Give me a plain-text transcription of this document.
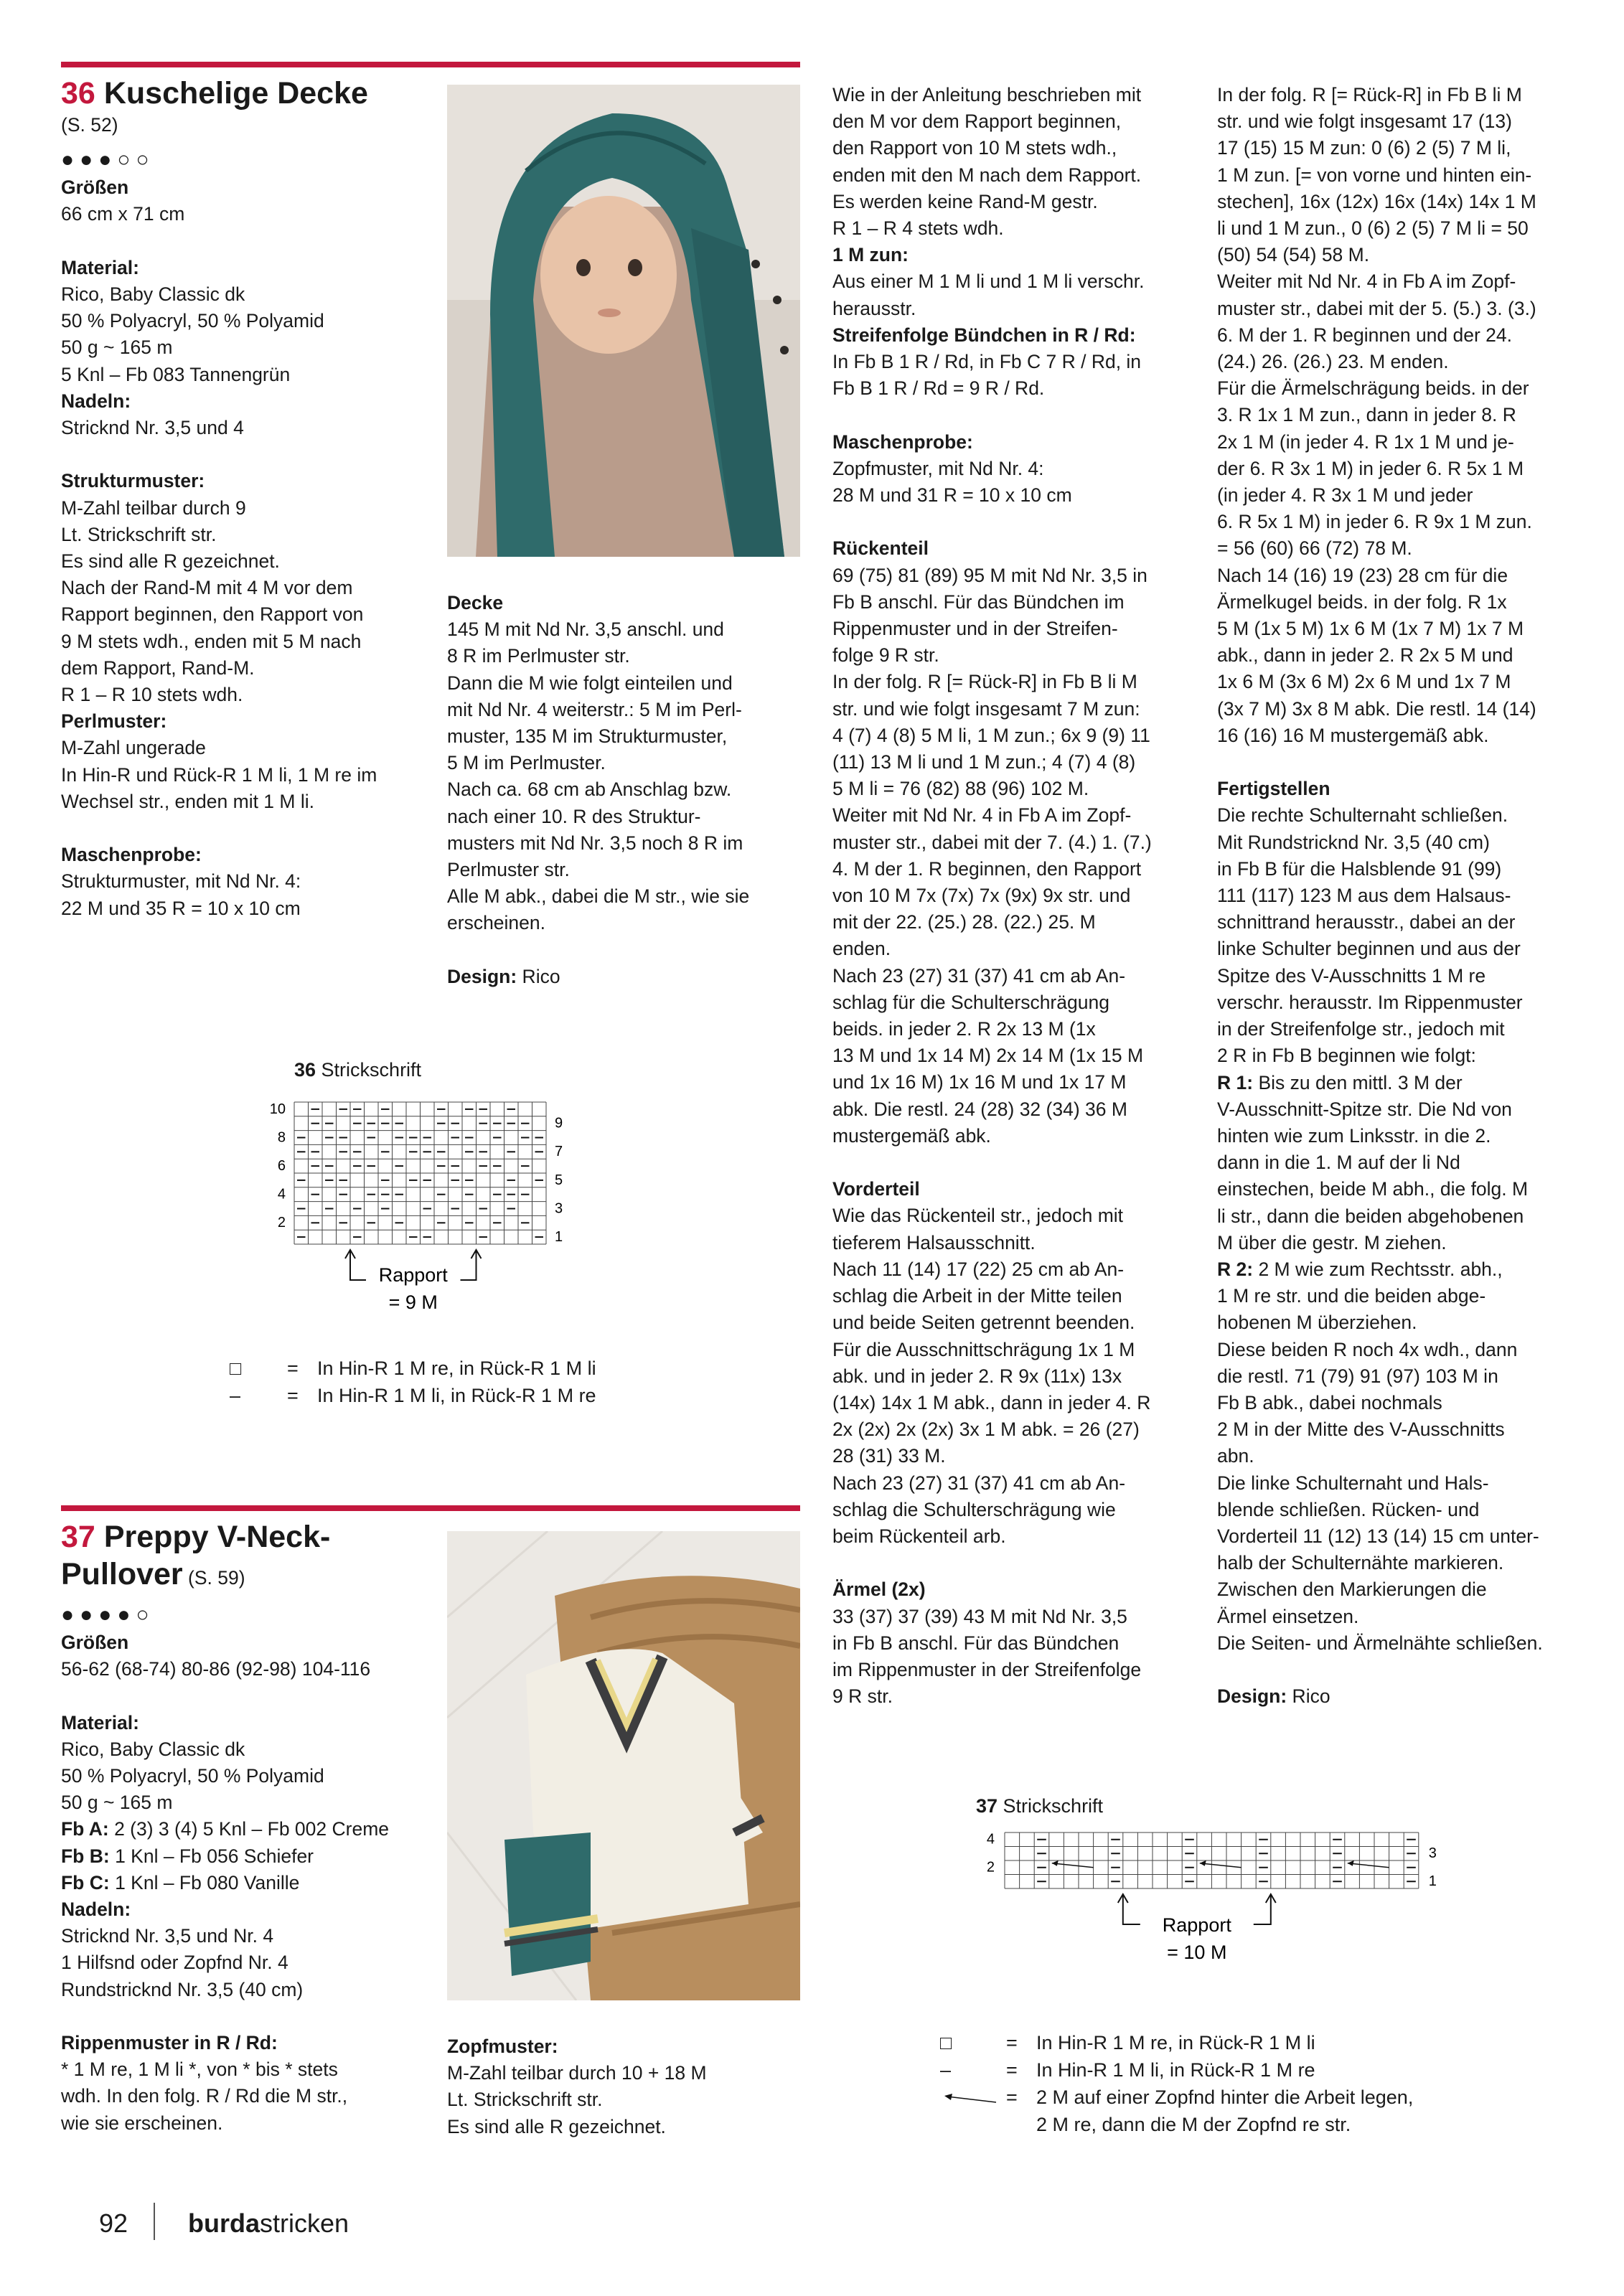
36 Kuschelige Decke
(S. 52)
●●●○○
Größen
66 cm x 71 cm
Material:
Rico, Baby Classic dk
50 % Polyacryl, 50 % Polyamid
50 g ~ 165 m
5 Knl – Fb 083 Tannengrün
Nadeln:
Stricknd Nr. 3,5 und 4
Strukturmuster:
M-Zahl teilbar durch 9
Lt. Strickschrift str.
Es sind alle R gezeichnet.
Nach der Rand-M mit 4 M vor dem
Rapport beginnen, den Rapport von
9 M stets wdh., enden mit 5 M nach
dem Rapport, Rand-M.
R 1 – R 10 stets wdh.
Perlmuster:
M-Zahl ungerade
In Hin-R und Rück-R 1 M li, 1 M re im
Wechsel str., enden mit 1 M li.
Maschenprobe:
Strukturmuster, mit Nd Nr. 4:
22 M und 35 R = 10 x 10 cm
Decke
145 M mit Nd Nr. 3,5 anschl. und
8 R im Perlmuster str.
Dann die M wie folgt einteilen und
mit Nd Nr. 4 weiterstr.: 5 M im Perl-
muster, 135 M im Strukturmuster,
5 M im Perlmuster.
Nach ca. 68 cm ab Anschlag bzw.
nach einer 10. R des Struktur-
musters mit Nd Nr. 3,5 noch 8 R im
Perlmuster str.
Alle M abk., dabei die M str., wie sie
erscheinen.
Design: Rico
36 Strickschrift
10
8
6
4
2
9
7
5
3
1
Rapport
= 9 M
□ = In Hin-R 1 M re, in Rück-R 1 M li
– = In Hin-R 1 M li, in Rück-R 1 M re
37 Preppy V-Neck-
Pullover (S. 59)
●●●●○
Größen
56-62 (68-74) 80-86 (92-98) 104-116
Material:
Rico, Baby Classic dk
50 % Polyacryl, 50 % Polyamid
50 g ~ 165 m
Fb A: 2 (3) 3 (4) 5 Knl – Fb 002 Creme
Fb B: 1 Knl – Fb 056 Schiefer
Fb C: 1 Knl – Fb 080 Vanille
Nadeln:
Stricknd Nr. 3,5 und Nr. 4
1 Hilfsnd oder Zopfnd Nr. 4
Rundstricknd Nr. 3,5 (40 cm)
Rippenmuster in R / Rd:
* 1 M re, 1 M li *, von * bis * stets
wdh. In den folg. R / Rd die M str.,
wie sie erscheinen.
Zopfmuster:
M-Zahl teilbar durch 10 + 18 M
Lt. Strickschrift str.
Es sind alle R gezeichnet.
Wie in der Anleitung beschrieben mit
den M vor dem Rapport beginnen,
den Rapport von 10 M stets wdh.,
enden mit den M nach dem Rapport.
Es werden keine Rand-M gestr.
R 1 – R 4 stets wdh.
1 M zun:
Aus einer M 1 M li und 1 M li verschr.
herausstr.
Streifenfolge Bündchen in R / Rd:
In Fb B 1 R / Rd, in Fb C 7 R / Rd, in
Fb B 1 R / Rd = 9 R / Rd.
Maschenprobe:
Zopfmuster, mit Nd Nr. 4:
28 M und 31 R = 10 x 10 cm
Rückenteil
69 (75) 81 (89) 95 M mit Nd Nr. 3,5 in
Fb B anschl. Für das Bündchen im
Rippenmuster und in der Streifen-
folge 9 R str.
In der folg. R [= Rück-R] in Fb B li M
str. und wie folgt insgesamt 7 M zun:
4 (7) 4 (8) 5 M li, 1 M zun.; 6x 9 (9) 11
(11) 13 M li und 1 M zun.; 4 (7) 4 (8)
5 M li = 76 (82) 88 (96) 102 M.
Weiter mit Nd Nr. 4 in Fb A im Zopf-
muster str., dabei mit der 7. (4.) 1. (7.)
4. M der 1. R beginnen, den Rapport
von 10 M 7x (7x) 7x (9x) 9x str. und
mit der 22. (25.) 28. (22.) 25. M
enden.
Nach 23 (27) 31 (37) 41 cm ab An-
schlag für die Schulterschrägung
beids. in jeder 2. R 2x 13 M (1x
13 M und 1x 14 M) 2x 14 M (1x 15 M
und 1x 16 M) 1x 16 M und 1x 17 M
abk. Die restl. 24 (28) 32 (34) 36 M
mustergemäß abk.
Vorderteil
Wie das Rückenteil str., jedoch mit
tieferem Halsausschnitt.
Nach 11 (14) 17 (22) 25 cm ab An-
schlag die Arbeit in der Mitte teilen
und beide Seiten getrennt beenden.
Für die Ausschnittschrägung 1x 1 M
abk. und in jeder 2. R 9x (11x) 13x
(14x) 14x 1 M abk., dann in jeder 4. R
2x (2x) 2x (2x) 3x 1 M abk. = 26 (27)
28 (31) 33 M.
Nach 23 (27) 31 (37) 41 cm ab An-
schlag die Schulterschrägung wie
beim Rückenteil arb.
Ärmel (2x)
33 (37) 37 (39) 43 M mit Nd Nr. 3,5
in Fb B anschl. Für das Bündchen
im Rippenmuster in der Streifenfolge
9 R str.
In der folg. R [= Rück-R] in Fb B li M
str. und wie folgt insgesamt 17 (13)
17 (15) 15 M zun: 0 (6) 2 (5) 7 M li,
1 M zun. [= von vorne und hinten ein-
stechen], 16x (12x) 16x (14x) 14x 1 M
li und 1 M zun., 0 (6) 2 (5) 7 M li = 50
(50) 54 (54) 58 M.
Weiter mit Nd Nr. 4 in Fb A im Zopf-
muster str., dabei mit der 5. (5.) 3. (3.)
6. M der 1. R beginnen und der 24.
(24.) 26. (26.) 23. M enden.
Für die Ärmelschrägung beids. in der
3. R 1x 1 M zun., dann in jeder 8. R
2x 1 M (in jeder 4. R 1x 1 M und je-
der 6. R 3x 1 M) in jeder 6. R 5x 1 M
(in jeder 4. R 3x 1 M und jeder
6. R 5x 1 M) in jeder 6. R 9x 1 M zun.
= 56 (60) 66 (72) 78 M.
Nach 14 (16) 19 (23) 28 cm für die
Ärmelkugel beids. in der folg. R 1x
5 M (1x 5 M) 1x 6 M (1x 7 M) 1x 7 M
abk., dann in jeder 2. R 2x 5 M und
1x 6 M (3x 6 M) 2x 6 M und 1x 7 M
(3x 7 M) 3x 8 M abk. Die restl. 14 (14)
16 (16) 16 M mustergemäß abk.
Fertigstellen
Die rechte Schulternaht schließen.
Mit Rundstricknd Nr. 3,5 (40 cm)
in Fb B für die Halsblende 91 (99)
111 (117) 123 M aus dem Halsaus-
schnittrand herausstr., dabei an der
linke Schulter beginnen und aus der
Spitze des V-Ausschnitts 1 M re
verschr. herausstr. Im Rippenmuster
in der Streifenfolge str., jedoch mit
2 R in Fb B beginnen wie folgt:
R 1: Bis zu den mittl. 3 M der
V-Ausschnitt-Spitze str. Die Nd von
hinten wie zum Linksstr. in die 2.
dann in die 1. M auf der li Nd
einstechen, beide M abh., die folg. M
li str., dann die beiden abgehobenen
M über die gestr. M ziehen.
R 2: 2 M wie zum Rechtsstr. abh.,
1 M re str. und die beiden abge-
hobenen M überziehen.
Diese beiden R noch 4x wdh., dann
die restl. 71 (79) 91 (97) 103 M in
Fb B abk., dabei nochmals
2 M in der Mitte des V-Ausschnitts
abn.
Die linke Schulternaht und Hals-
blende schließen. Rücken- und
Vorderteil 11 (12) 13 (14) 15 cm unter-
halb der Schulternähte markieren.
Zwischen den Markierungen die
Ärmel einsetzen.
Die Seiten- und Ärmelnähte schließen.
Design: Rico
37 Strickschrift
4
2
3
1
Rapport
= 10 M
□	= In Hin-R 1 M re, in Rück-R 1 M li
–	= In Hin-R 1 M li, in Rück-R 1 M re
= 2 M auf einer Zopfnd hinter die Arbeit legen,
2 M re, dann die M der Zopfnd re str.
92 burdastricken
